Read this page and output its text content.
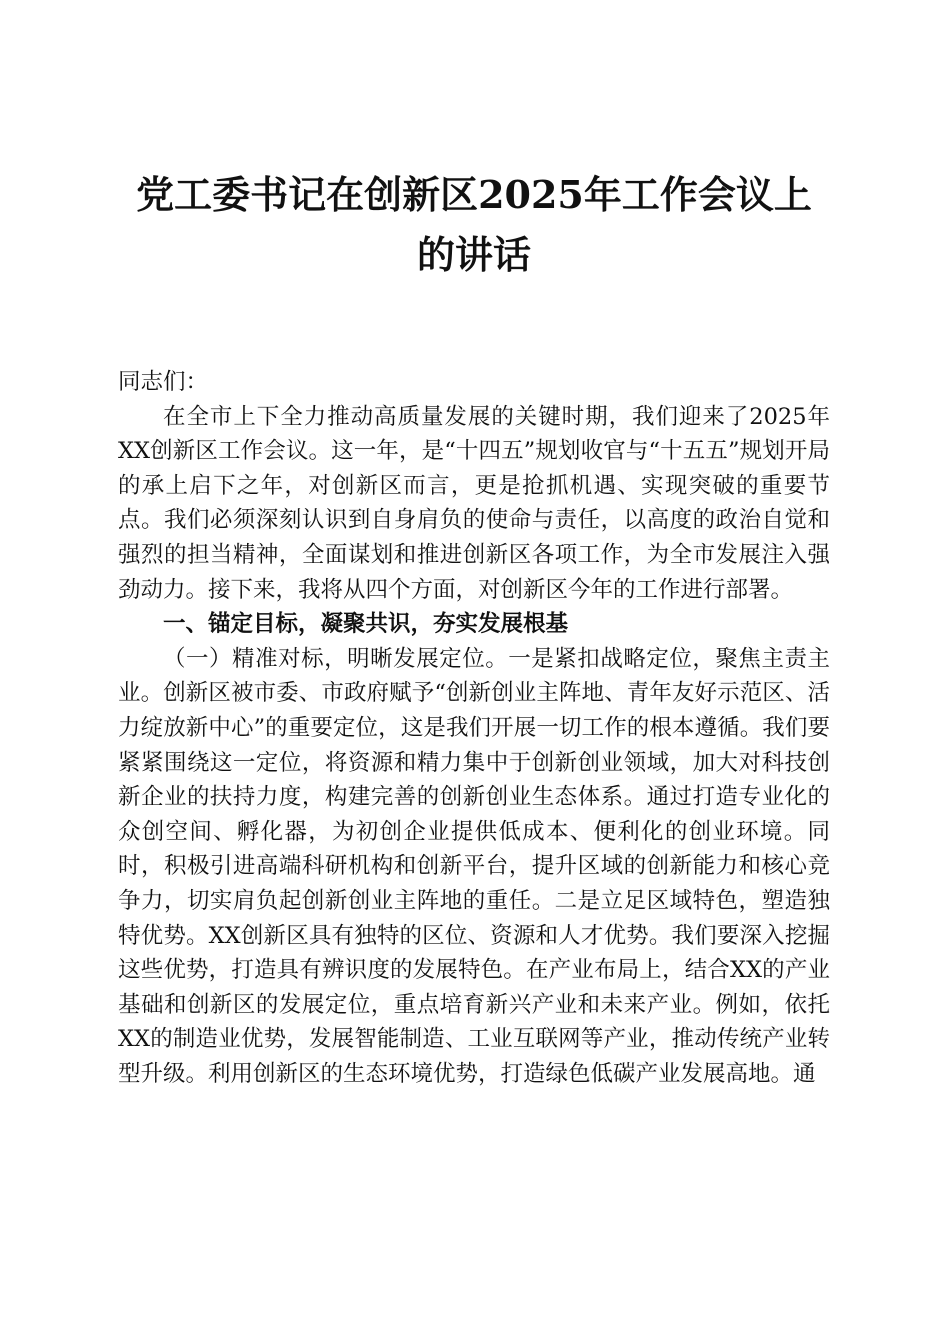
党工委书记在创新区2025年工作会议上的讲话

同志们：

在全市上下全力推动高质量发展的关键时期，我们迎来了2025年XX创新区工作会议。这一年，是“十四五”规划收官与“十五五”规划开局的承上启下之年，对创新区而言，更是抢抓机遇、实现突破的重要节点。我们必须深刻认识到自身肩负的使命与责任，以高度的政治自觉和强烈的担当精神，全面谋划和推进创新区各项工作，为全市发展注入强劲动力。接下来，我将从四个方面，对创新区今年的工作进行部署。

一、锚定目标，凝聚共识，夯实发展根基

（一）精准对标，明晰发展定位。一是紧扣战略定位，聚焦主责主业。创新区被市委、市政府赋予“创新创业主阵地、青年友好示范区、活力绽放新中心”的重要定位，这是我们开展一切工作的根本遵循。我们要紧紧围绕这一定位，将资源和精力集中于创新创业领域，加大对科技创新企业的扶持力度，构建完善的创新创业生态体系。通过打造专业化的众创空间、孵化器，为初创企业提供低成本、便利化的创业环境。同时，积极引进高端科研机构和创新平台，提升区域的创新能力和核心竞争力，切实肩负起创新创业主阵地的重任。二是立足区域特色，塑造独特优势。XX创新区具有独特的区位、资源和人才优势。我们要深入挖掘这些优势，打造具有辨识度的发展特色。在产业布局上，结合XX的产业基础和创新区的发展定位，重点培育新兴产业和未来产业。例如，依托XX的制造业优势，发展智能制造、工业互联网等产业，推动传统产业转型升级。利用创新区的生态环境优势，打造绿色低碳产业发展高地。通
